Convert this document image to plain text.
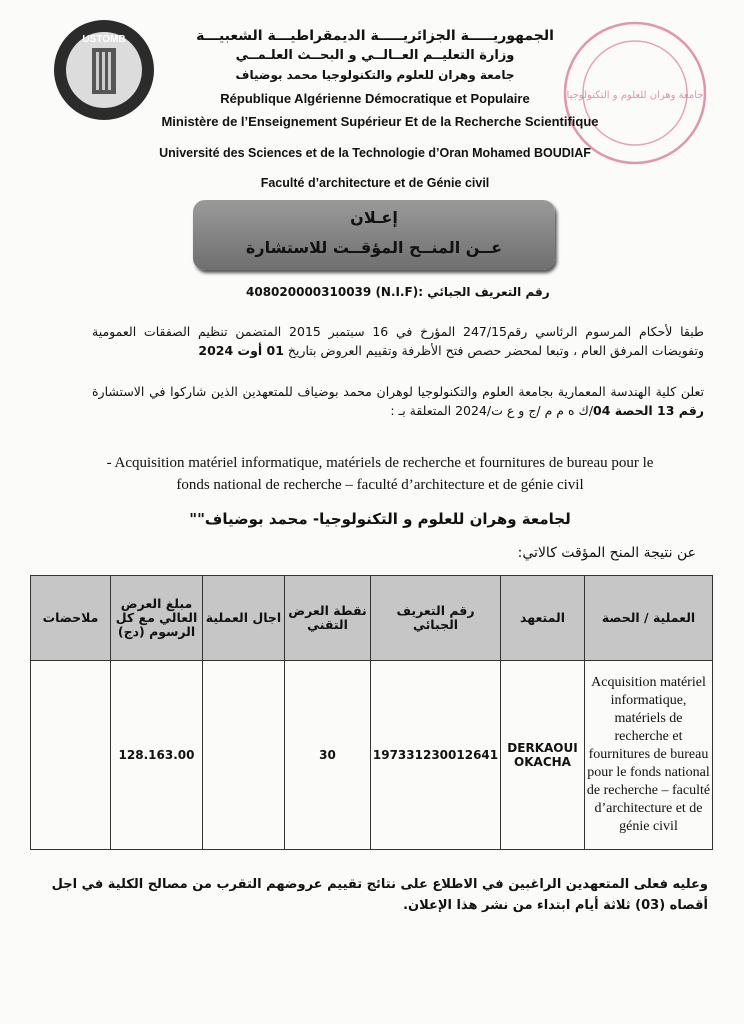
USTOMB
جامعة وهران للعلوم و التكنولوجيا
الجمهوريـــــة الجزائريـــــة الديمقراطيـــة الشعبيـــة
وزارة التعليــم العــالــي و البحــث العلـمــي
جامعة وهران للعلوم والتكنولوجيا محمد بوضياف
République Algérienne Démocratique et Populaire
Ministère de l’Enseignement Supérieur Et de la Recherche Scientifique
Université des Sciences et de la Technologie d’Oran Mohamed BOUDIAF
Faculté d’architecture et de Génie civil
إعـلان
عــن المنــح المؤقــت للاستشارة
408020000310039 رقم التعريف الجبائي :(N.I.F)
طبقا لأحكام المرسوم الرئاسي رقم247/15 المؤرخ في 16 سبتمبر 2015 المتضمن تنظيم الصفقات العمومية وتفويضات المرفق العام ، وتبعا لمحضر حصص فتح الأظرفة وتقييم العروض بتاريخ 01 أوت 2024
تعلن كلية الهندسة المعمارية بجامعة العلوم والتكنولوجيا لوهران محمد بوضياف للمتعهدين الذين شاركوا في الاستشارة رقم 13 الحصة 04/ك ه م م /ج و ع ت/2024 المتعلقة بـ :
- Acquisition matériel informatique, matériels de recherche et fournitures de bureau pour le fonds national de recherche – faculté d’architecture et de génie civil
لجامعة وهران للعلوم و التكنولوجيا- محمد بوضياف""
عن نتيجة المنح المؤقت كالاتي:
ملاحضات	مبلغ العرض العالي مع كل الرسوم (دج)	اجال العملية	نقطة العرض التقني	رقم التعريف الجبائي	المتعهد	العملية / الحصة
	128.163.00		30	197331230012641	DERKAOUI OKACHA	Acquisition matériel informatique, matériels de recherche et fournitures de bureau pour le fonds national de recherche – faculté d’architecture et de génie civil
وعليه فعلى المتعهدين الراغبين في الاطلاع على نتائج تقييم عروضهم التقرب من مصالح الكلية في اجل أقصاه (03) ثلاثة أيام ابتداء من نشر هذا الإعلان.
